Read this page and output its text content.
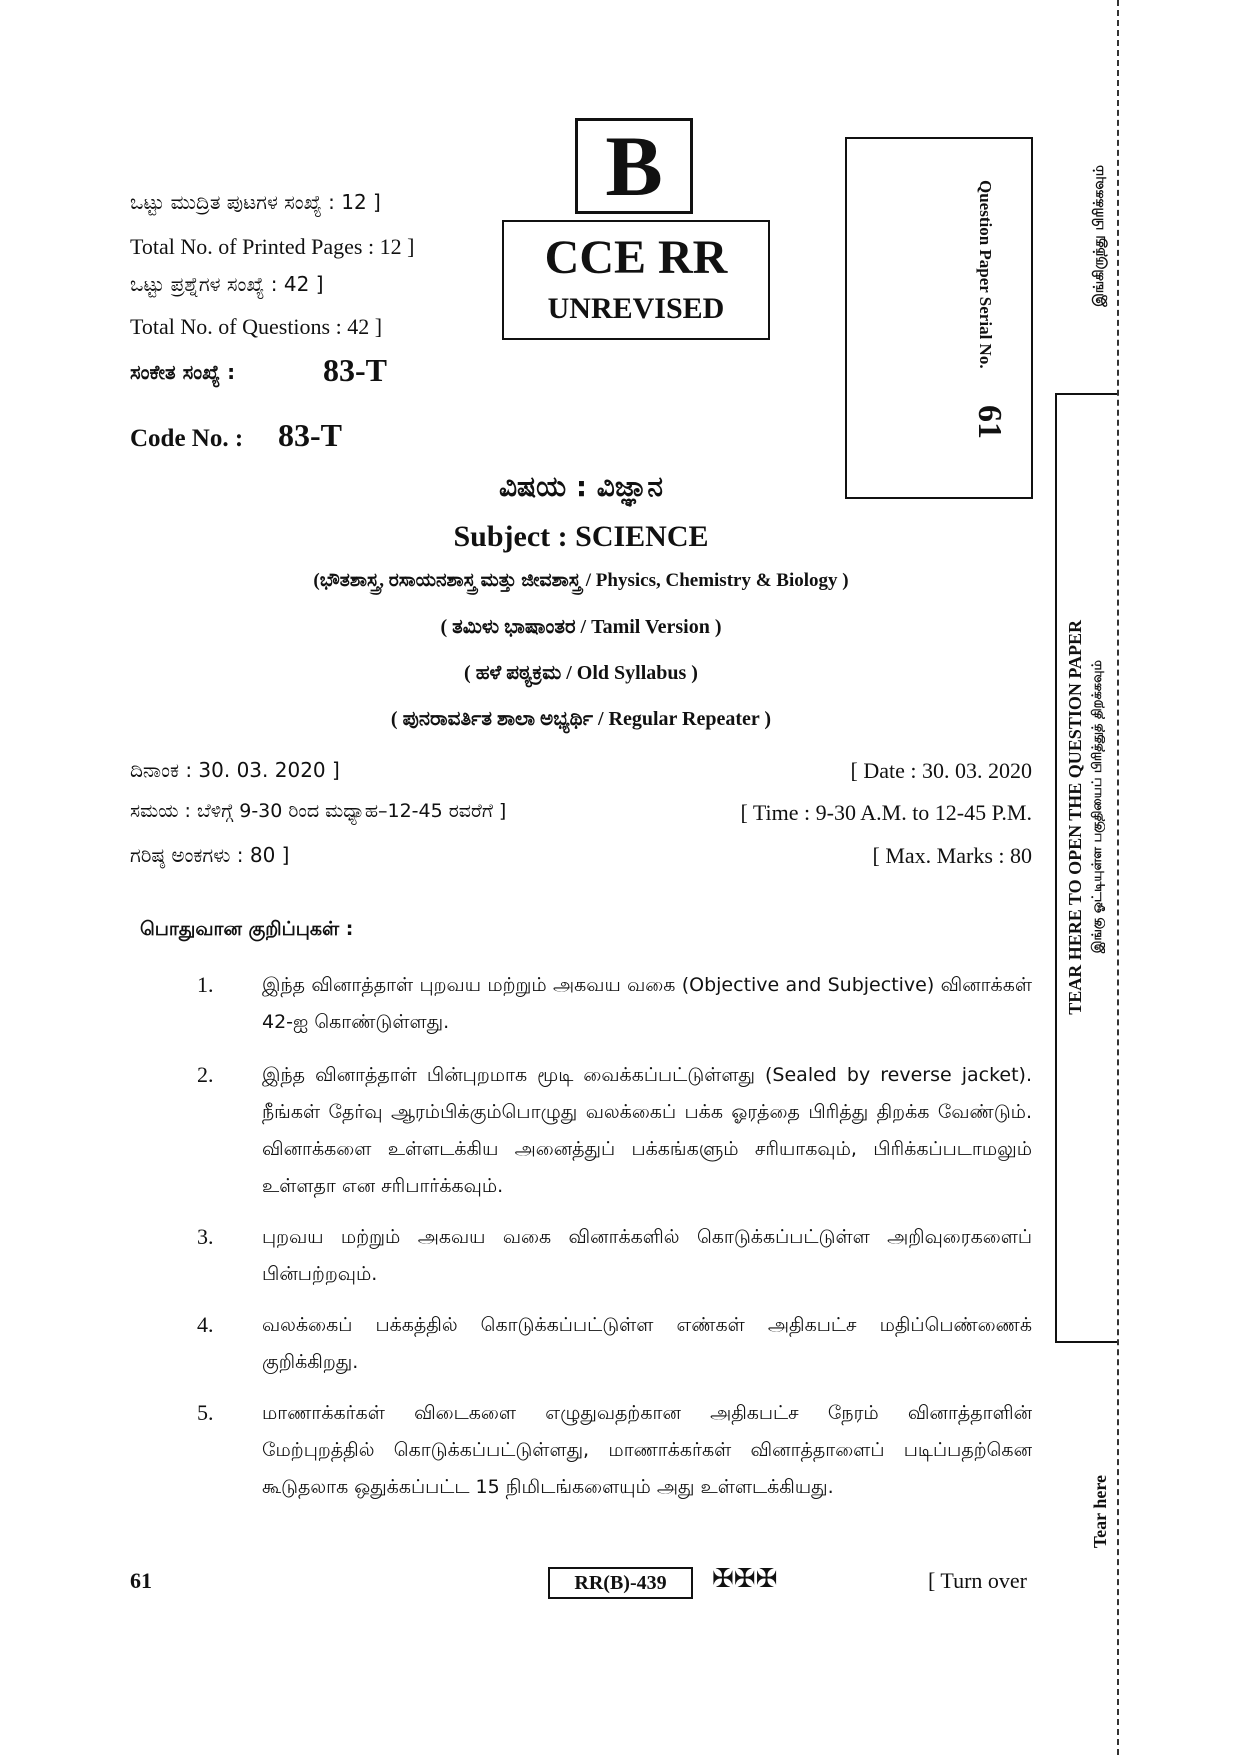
ಒಟ್ಟು ಮುದ್ರಿತ ಪುಟಗಳ ಸಂಖ್ಯೆ : 12 ]
Total No. of Printed Pages : 12 ]
ಒಟ್ಟು ಪ್ರಶ್ನೆಗಳ ಸಂಖ್ಯೆ : 42 ]
Total No. of Questions : 42 ]
ಸಂಕೇತ ಸಂಖ್ಯೆ :	83-T
Code No. : 83-T
B
CCE RR
UNREVISED	Question Paper Serial No.
61
இங்கிருந்து பிரிக்கவும்
TEAR HERE TO OPEN THE QUESTION PAPER இங்கு ஓட்டியுள்ள பகுதியைப் பிரித்துத் திறக்கவும்
Tear here
ವಿಷಯ : ವಿಜ್ಞಾನ
Subject : SCIENCE
(ಭೌತಶಾಸ್ತ್ರ, ರಸಾಯನಶಾಸ್ತ್ರ ಮತ್ತು ಜೀವಶಾಸ್ತ್ರ / Physics, Chemistry & Biology )
( ತಮಿಳು ಭಾಷಾಂತರ / Tamil Version )
( ಹಳೆ ಪಠ್ಯಕ್ರಮ / Old Syllabus )
( ಪುನರಾವರ್ತಿತ ಶಾಲಾ ಅಭ್ಯರ್ಥಿ / Regular Repeater )
ದಿನಾಂಕ : 30. 03. 2020 ]	[ Date : 30. 03. 2020
ಸಮಯ : ಬೆಳಿಗ್ಗೆ 9-30 ರಿಂದ ಮಧ್ಯಾಹ–12-45 ರವರೆಗೆ ]	[ Time : 9-30 A.M. to 12-45 P.M.
ಗರಿಷ್ಠ ಅಂಕಗಳು : 80 ]	[ Max. Marks : 80
பொதுவான குறிப்புகள் :
1.	இந்த வினாத்தாள் புறவய மற்றும் அகவய வகை (Objective and Subjective) வினாக்கள் 42-ஐ கொண்டுள்ளது.
2.	இந்த வினாத்தாள் பின்புறமாக மூடி வைக்கப்பட்டுள்ளது (Sealed by reverse jacket). நீங்கள் தேர்வு ஆரம்பிக்கும்பொழுது வலக்கைப் பக்க ஓரத்தை பிரித்து திறக்க வேண்டும். வினாக்களை உள்ளடக்கிய அனைத்துப் பக்கங்களும் சரியாகவும், பிரிக்கப்படாமலும் உள்ளதா என சரிபார்க்கவும்.
3.	புறவய மற்றும் அகவய வகை வினாக்களில் கொடுக்கப்பட்டுள்ள அறிவுரைகளைப் பின்பற்றவும்.
4.	வலக்கைப் பக்கத்தில் கொடுக்கப்பட்டுள்ள எண்கள் அதிகபட்ச மதிப்பெண்ணைக் குறிக்கிறது.
5.	மாணாக்கர்கள் விடைகளை எழுதுவதற்கான அதிகபட்ச நேரம் வினாத்தாளின் மேற்புறத்தில் கொடுக்கப்பட்டுள்ளது, மாணாக்கர்கள் வினாத்தாளைப் படிப்பதற்கென கூடுதலாக ஒதுக்கப்பட்ட 15 நிமிடங்களையும் அது உள்ளடக்கியது.
61	RR(B)-439 ✠✠✠	[ Turn over
